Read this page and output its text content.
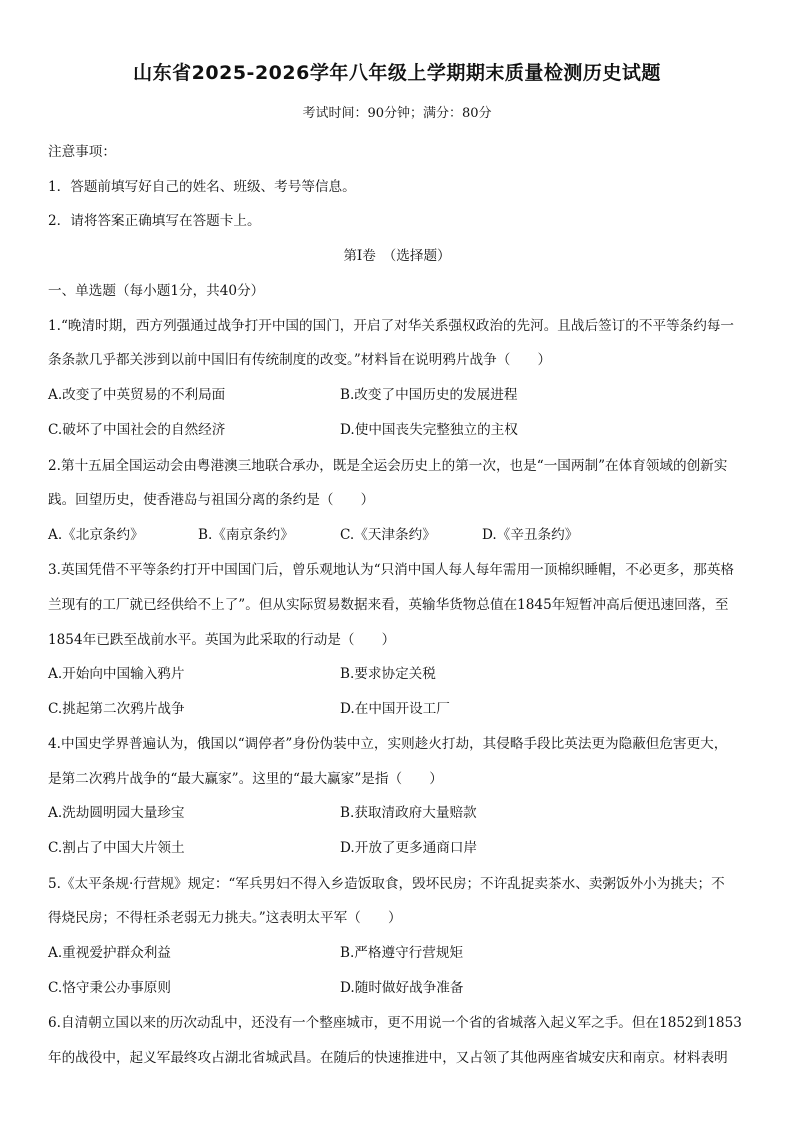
山东省2025-2026学年八年级上学期期末质量检测历史试题
考试时间：90分钟；满分：80分
注意事项：
1．答题前填写好自己的姓名、班级、考号等信息。
2．请将答案正确填写在答题卡上。
第I卷　（选择题）
一、单选题（每小题1分，共40分）
1.“晚清时期，西方列强通过战争打开中国的国门，开启了对华关系强权政治的先河。且战后签订的不平等条约每一
条条款几乎都关涉到以前中国旧有传统制度的改变。”材料旨在说明鸦片战争（　　）
A.改变了中英贸易的不利局面	B.改变了中国历史的发展进程
C.破坏了中国社会的自然经济	D.使中国丧失完整独立的主权
2.第十五届全国运动会由粤港澳三地联合承办，既是全运会历史上的第一次，也是“一国两制”在体育领域的创新实
践。回望历史，使香港岛与祖国分离的条约是（　　）
A.《北京条约》	B.《南京条约》	C.《天津条约》	D.《辛丑条约》
3.英国凭借不平等条约打开中国国门后，曾乐观地认为“只消中国人每人每年需用一顶棉织睡帽，不必更多，那英格
兰现有的工厂就已经供给不上了”。但从实际贸易数据来看，英输华货物总值在1845年短暂冲高后便迅速回落，至
1854年已跌至战前水平。英国为此采取的行动是（　　）
A.开始向中国输入鸦片	B.要求协定关税
C.挑起第二次鸦片战争	D.在中国开设工厂
4.中国史学界普遍认为，俄国以“调停者”身份伪装中立，实则趁火打劫，其侵略手段比英法更为隐蔽但危害更大，
是第二次鸦片战争的“最大赢家”。这里的“最大赢家”是指（　　）
A.洗劫圆明园大量珍宝	B.获取清政府大量赔款
C.割占了中国大片领土	D.开放了更多通商口岸
5.《太平条规·行营规》规定：“军兵男妇不得入乡造饭取食，毁坏民房；不许乱捉卖茶水、卖粥饭外小为挑夫；不
得烧民房；不得枉杀老弱无力挑夫。”这表明太平军（　　）
A.重视爱护群众利益	B.严格遵守行营规矩
C.恪守秉公办事原则	D.随时做好战争准备
6.自清朝立国以来的历次动乱中，还没有一个整座城市，更不用说一个省的省城落入起义军之手。但在1852到1853
年的战役中，起义军最终攻占湖北省城武昌。在随后的快速推进中，又占领了其他两座省城安庆和南京。材料表明
